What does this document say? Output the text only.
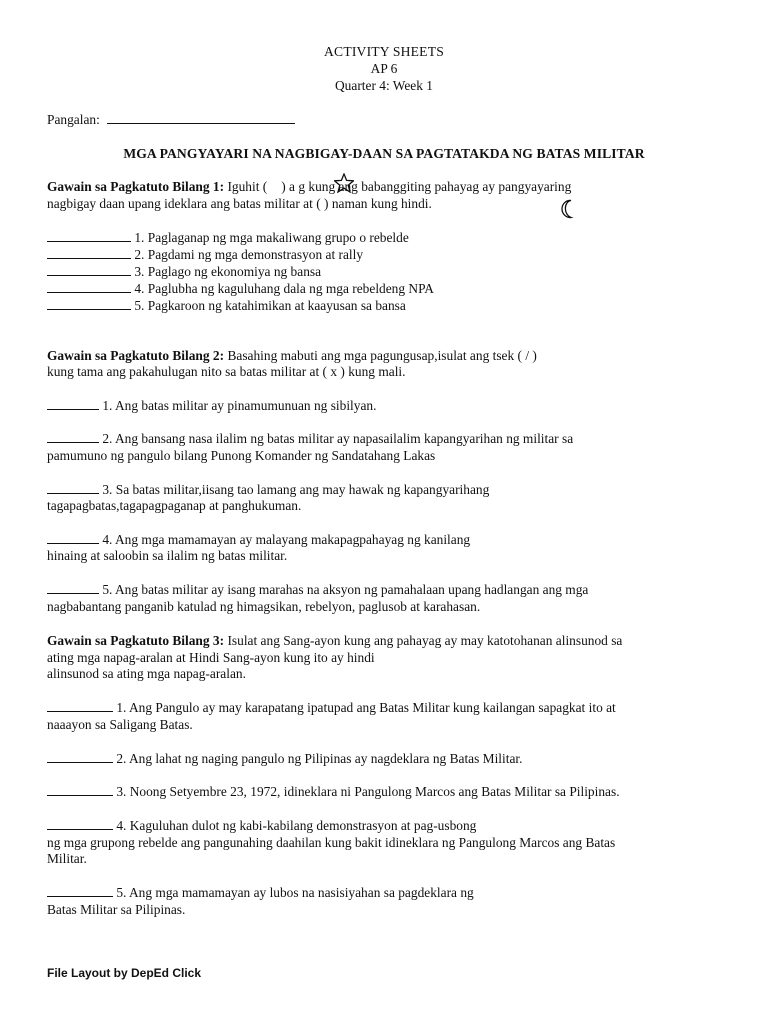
ACTIVITY SHEETS
AP 6
Quarter 4: Week 1
Pangalan:
MGA PANGYAYARI NA NAGBIGAY-DAAN SA PAGTATAKDA NG BATAS MILITAR
Gawain sa Pagkatuto Bilang 1: Iguhit ( ) a g kung ang babanggiting pahayag ay pangyayaring
nagbigay daan upang ideklara ang batas militar at ( ) naman kung hindi.
1. Paglaganap ng mga makaliwang grupo o rebelde
2. Pagdami ng mga demonstrasyon at rally
3. Paglago ng ekonomiya ng bansa
4. Paglubha ng kaguluhang dala ng mga rebeldeng NPA
5. Pagkaroon ng katahimikan at kaayusan sa bansa
Gawain sa Pagkatuto Bilang 2: Basahing mabuti ang mga pagungusap,isulat ang tsek ( / )
kung tama ang pakahulugan nito sa batas militar at ( x ) kung mali.
1. Ang batas militar ay pinamumunuan ng sibilyan.
2. Ang bansang nasa ilalim ng batas militar ay napasailalim kapangyarihan ng militar sa
pamumuno ng pangulo bilang Punong Komander ng Sandatahang Lakas
3. Sa batas militar,iisang tao lamang ang may hawak ng kapangyarihang
tagapagbatas,tagapagpaganap at panghukuman.
4. Ang mga mamamayan ay malayang makapagpahayag ng kanilang
hinaing at saloobin sa ilalim ng batas militar.
5. Ang batas militar ay isang marahas na aksyon ng pamahalaan upang hadlangan ang mga
nagbabantang panganib katulad ng himagsikan, rebelyon, paglusob at karahasan.
Gawain sa Pagkatuto Bilang 3: Isulat ang Sang-ayon kung ang pahayag ay may katotohanan alinsunod sa
ating mga napag-aralan at Hindi Sang-ayon kung ito ay hindi
alinsunod sa ating mga napag-aralan.
1. Ang Pangulo ay may karapatang ipatupad ang Batas Militar kung kailangan sapagkat ito at
naaayon sa Saligang Batas.
2. Ang lahat ng naging pangulo ng Pilipinas ay nagdeklara ng Batas Militar.
3. Noong Setyembre 23, 1972, idineklara ni Pangulong Marcos ang Batas Militar sa Pilipinas.
4. Kaguluhan dulot ng kabi-kabilang demonstrasyon at pag-usbong
ng mga grupong rebelde ang pangunahing daahilan kung bakit idineklara ng Pangulong Marcos ang Batas
Militar.
5. Ang mga mamamayan ay lubos na nasisiyahan sa pagdeklara ng
Batas Militar sa Pilipinas.
File Layout by DepEd Click
